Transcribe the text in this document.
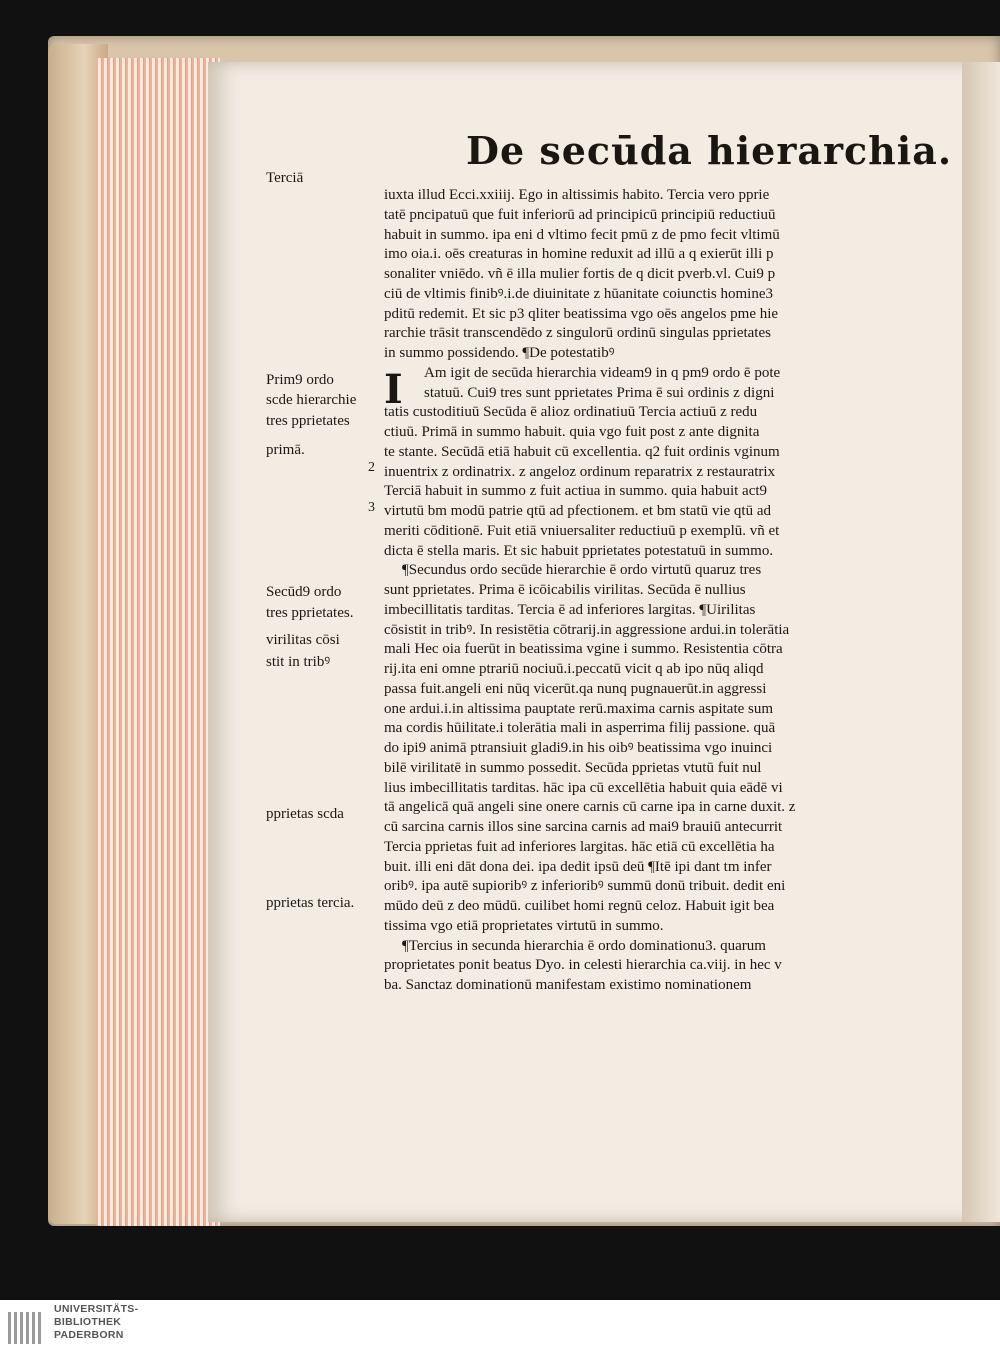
De secūda hierarchia.
I
iuxta illud Ecci.xxiiij. Ego in altissimis habito. Tercia vero pprie
tatē pncipatuū que fuit inferiorū ad principicū principiū reductiuū
habuit in summo. ipa eni d vltimo fecit pmū z de pmo fecit vltimū
imo oia.i. oēs creaturas in homine reduxit ad illū a q exierūt illi p
sonaliter vniēdo. vñ ē illa mulier fortis de q dicit pverb.vl. Cui9 p
ciū de vltimis finibꝰ.i.de diuinitate z hūanitate coiunctis homine3
pditū redemit. Et sic p3 qliter beatissima vgo oēs angelos pme hie
rarchie trāsit transcendēdo z singulorū ordinū singulas pprietates
in summo possidendo. ¶De potestatibꝰ
Am igit de secūda hierarchia videam9 in q pm9 ordo ē pote
statuū. Cui9 tres sunt pprietates Prima ē sui ordinis z digni
tatis custoditiuū Secūda ē alioz ordinatiuū Tercia actiuū z redu
ctiuū. Primā in summo habuit. quia vgo fuit post z ante dignita
te stante. Secūdā etiā habuit cū excellentia. q2 fuit ordinis vginum
inuentrix z ordinatrix. z angeloz ordinum reparatrix z restauratrix
Terciā habuit in summo z fuit actiua in summo. quia habuit act9
virtutū bm modū patrie qtū ad pfectionem. et bm statū vie qtū ad
meriti cōditionē. Fuit etiā vniuersaliter reductiuū p exemplū. vñ et
dicta ē stella maris. Et sic habuit pprietates potestatuū in summo.
¶Secundus ordo secūde hierarchie ē ordo virtutū quaruz tres
sunt pprietates. Prima ē icōicabilis virilitas. Secūda ē nullius
imbecillitatis tarditas. Tercia ē ad inferiores largitas. ¶Uirilitas
cōsistit in tribꝰ. In resistētia cōtrarij.in aggressione ardui.in tolerātia
mali Hec oia fuerūt in beatissima vgine i summo. Resistentia cōtra
rij.ita eni omne ptrariū nociuū.i.peccatū vicit q ab ipo nūq aliqd
passa fuit.angeli eni nūq vicerūt.qa nunq pugnauerūt.in aggressi
one ardui.i.in altissima pauptate rerū.maxima carnis aspitate sum
ma cordis hūilitate.i tolerātia mali in asperrima filij passione. quā
do ipi9 animā ptransiuit gladi9.in his oibꝰ beatissima vgo inuinci
bilē virilitatē in summo possedit. Secūda pprietas vtutū fuit nul
lius imbecillitatis tarditas. hāc ipa cū excellētia habuit quia eādē vi
tā angelicā quā angeli sine onere carnis cū carne ipa in carne duxit. z
cū sarcina carnis illos sine sarcina carnis ad mai9 brauiū antecurrit
Tercia pprietas fuit ad inferiores largitas. hāc etiā cū excellētia ha
buit. illi eni dāt dona dei. ipa dedit ipsū deū ¶Itē ipi dant tm infer
oribꝰ. ipa autē supioribꝰ z inferioribꝰ summū donū tribuit. dedit eni
mūdo deū z deo mūdū. cuilibet homi regnū celoz. Habuit igit bea
tissima vgo etiā proprietates virtutū in summo.
¶Tercius in secunda hierarchia ē ordo dominationu3. quarum
proprietates ponit beatus Dyo. in celesti hierarchia ca.viij. in hec v
ba. Sanctaz dominationū manifestam existimo nominationem
Terciā
Prim9 ordo
scde hierarchie
tres pprietates
primā.
Secūd9 ordo
tres pprietates.
virilitas cōsi
stit in tribꝰ
pprietas scda
pprietas tercia.
2
3
UNIVERSITÄTS-
BIBLIOTHEK
PADERBORN
